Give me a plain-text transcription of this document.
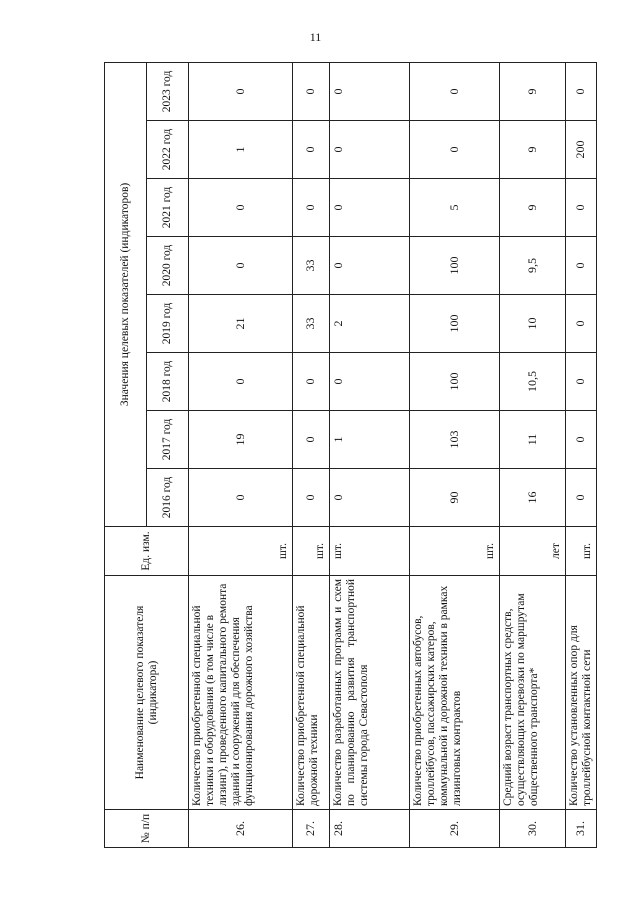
11
№ п/п	Наименование целевого показателя (индикатора)	Ед. изм.	Значения целевых показателей (индикаторов)							
			2016 год	2017 год	2018 год	2019 год	2020 год	2021 год	2022 год	2023 год
26.	Количество приобретенной специальной техники и оборудования (в том числе в лизинг), проведенного капитального ремонта зданий и сооружений для обеспечения функционирования дорожного хозяйства	шт.	0	19	0	21	0	0	1	0
27.	Количество приобретенной специальной дорожной техники	шт.	0	0	0	33	33	0	0	0
28.	Количество разработанных программ и схем по планированию развития транспортной системы города Севастополя	шт.	0	1	0	2	0	0	0	0
29.	Количество приобретенных автобусов, троллейбусов, пассажирских катеров, коммунальной и дорожной техники в рамках лизинговых контрактов	шт.	90	103	100	100	100	5	0	0
30.	Средний возраст транспортных средств, осуществляющих перевозки по маршрутам общественного транспорта*	лет	16	11	10,5	10	9,5	9	9	9
31.	Количество установленных опор для троллейбусной контактной сети	шт.	0	0	0	0	0	0	200	0
